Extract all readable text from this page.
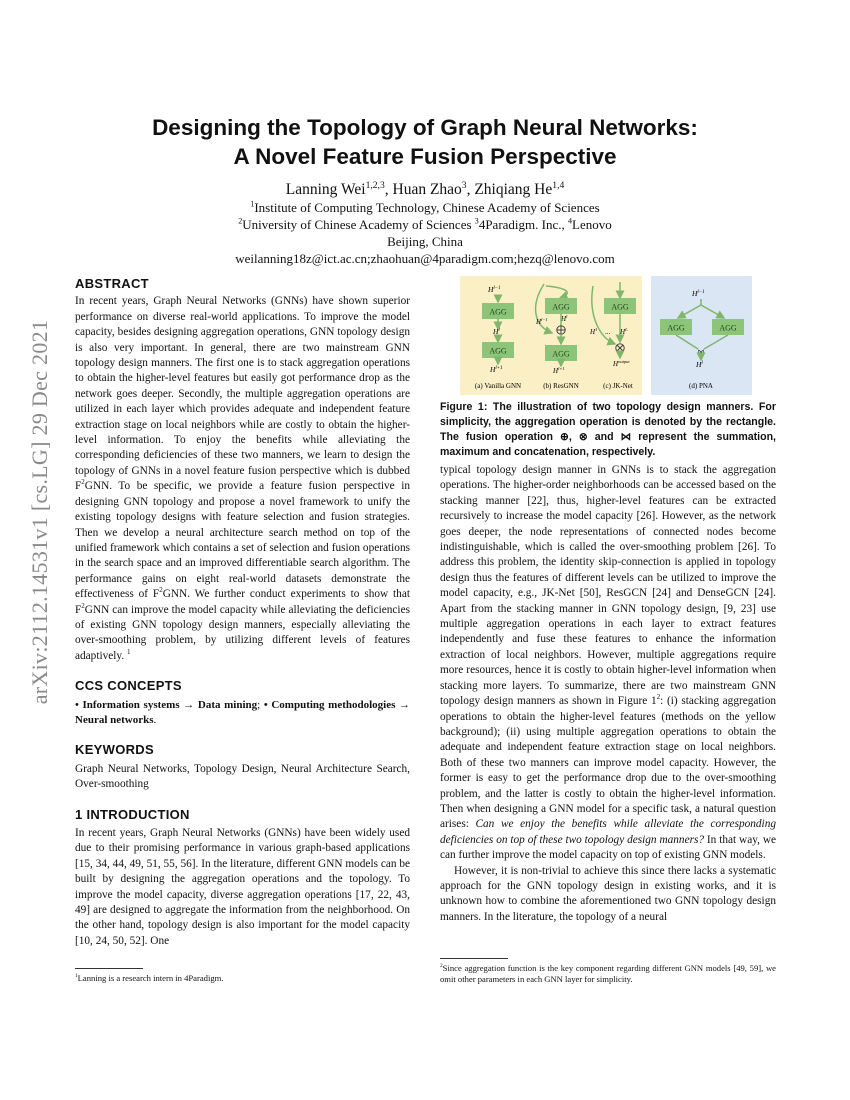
arXiv:2112.14531v1 [cs.LG] 29 Dec 2021
Designing the Topology of Graph Neural Networks:
A Novel Feature Fusion Perspective
Lanning Wei$^{1,2,3}$, Huan Zhao$^3$, Zhiqiang He$^{1,4}$
$^1$Institute of Computing Technology, Chinese Academy of Sciences
$^2$University of Chinese Academy of Sciences $^3$4Paradigm. Inc., $^4$Lenovo
Beijing, China
weilanning18z@ict.ac.cn;zhaohuan@4paradigm.com;hezq@lenovo.com
ABSTRACT

In recent years, Graph Neural Networks (GNNs) have shown superior performance on diverse real-world applications. To improve the model capacity, besides designing aggregation operations, GNN topology design is also very important. In general, there are two mainstream GNN topology design manners. The first one is to stack aggregation operations to obtain the higher-level features but easily got performance drop as the network goes deeper. Secondly, the multiple aggregation operations are utilized in each layer which provides adequate and independent feature extraction stage on local neighbors while are costly to obtain the higher-level information. To enjoy the benefits while alleviating the corresponding deficiencies of these two manners, we learn to design the topology of GNNs in a novel feature fusion perspective which is dubbed $F^2GNN$. To be specific, we provide a feature fusion perspective in designing GNN topology and propose a novel framework to unify the existing topology designs with feature selection and fusion strategies. Then we develop a neural architecture search method on top of the unified framework which contains a set of selection and fusion operations in the search space and an improved differentiable search algorithm. The performance gains on eight real-world datasets demonstrate the effectiveness of $F^2GNN$. We further conduct experiments to show that $F^2GNN$ can improve the model capacity while alleviating the deficiencies of existing GNN topology design manners, especially alleviating the over-smoothing problem, by utilizing different levels of features adaptively. $^1$

CCS CONCEPTS

• Information systems → Data mining; • Computing methodologies → Neural networks.

KEYWORDS

Graph Neural Networks, Topology Design, Neural Architecture Search, Over-smoothing

1 INTRODUCTION

In recent years, Graph Neural Networks (GNNs) have been widely used due to their promising performance in various graph-based applications [15, 34, 44, 49, 51, 55, 56]. In the literature, different GNN models can be built by designing the aggregation operations and the topology. To improve the model capacity, diverse aggregation operations [17, 22, 43, 49] are designed to aggregate the information from the neighborhood. On the other hand, topology design is also important for the model capacity [10, 24, 50, 52]. One

$^1$Lanning is a research intern in 4Paradigm.
$H^{l-1}$
AGG
$H^l$
AGG
$H^{l+1}$
(a) Vanilla GNN
AGG
$H^{l-1}$ $H^l$
AGG
$H^{l+1}$
(b) ResGNN
AGG
$H^1$ ... $H^L$
$H^{output}$
(c) JK-Net
$H^{l-1}$
AGG	AGG
⋈
$H^l$
(d) PNA
Figure 1: The illustration of two topology design manners. For simplicity, the aggregation operation is denoted by the rectangle. The fusion operation ⊕, ⊗ and ⋈ represent the summation, maximum and concatenation, respectively.

typical topology design manner in GNNs is to stack the aggregation operations. The higher-order neighborhoods can be accessed based on the stacking manner [22], thus, higher-level features can be extracted recursively to increase the model capacity [26]. However, as the network goes deeper, the node representations of connected nodes become indistinguishable, which is called the over-smoothing problem [26]. To address this problem, the identity skip-connection is applied in topology design thus the features of different levels can be utilized to improve the model capacity, e.g., JK-Net [50], ResGCN [24] and DenseGCN [24]. Apart from the stacking manner in GNN topology design, [9, 23] use multiple aggregation operations in each layer to extract features independently and fuse these features to enhance the information extraction of local neighbors. However, multiple aggregations require more resources, hence it is costly to obtain higher-level information when stacking more layers. To summarize, there are two mainstream GNN topology design manners as shown in Figure $1^2$: (i) stacking aggregation operations to obtain the higher-level features (methods on the yellow background); (ii) using multiple aggregation operations to obtain the adequate and independent feature extraction stage on local neighbors. Both of these two manners can improve model capacity. However, the former is easy to get the performance drop due to the over-smoothing problem, and the latter is costly to obtain the higher-level information. Then when designing a GNN model for a specific task, a natural question arises: Can we enjoy the benefits while alleviate the corresponding deficiencies on top of these two topology design manners? In that way, we can further improve the model capacity on top of existing GNN models.

However, it is non-trivial to achieve this since there lacks a systematic approach for the GNN topology design in existing works, and it is unknown how to combine the aforementioned two GNN topology design manners. In the literature, the topology of a neural

$^2$Since aggregation function is the key component regarding different GNN models [49, 59], we omit other parameters in each GNN layer for simplicity.
